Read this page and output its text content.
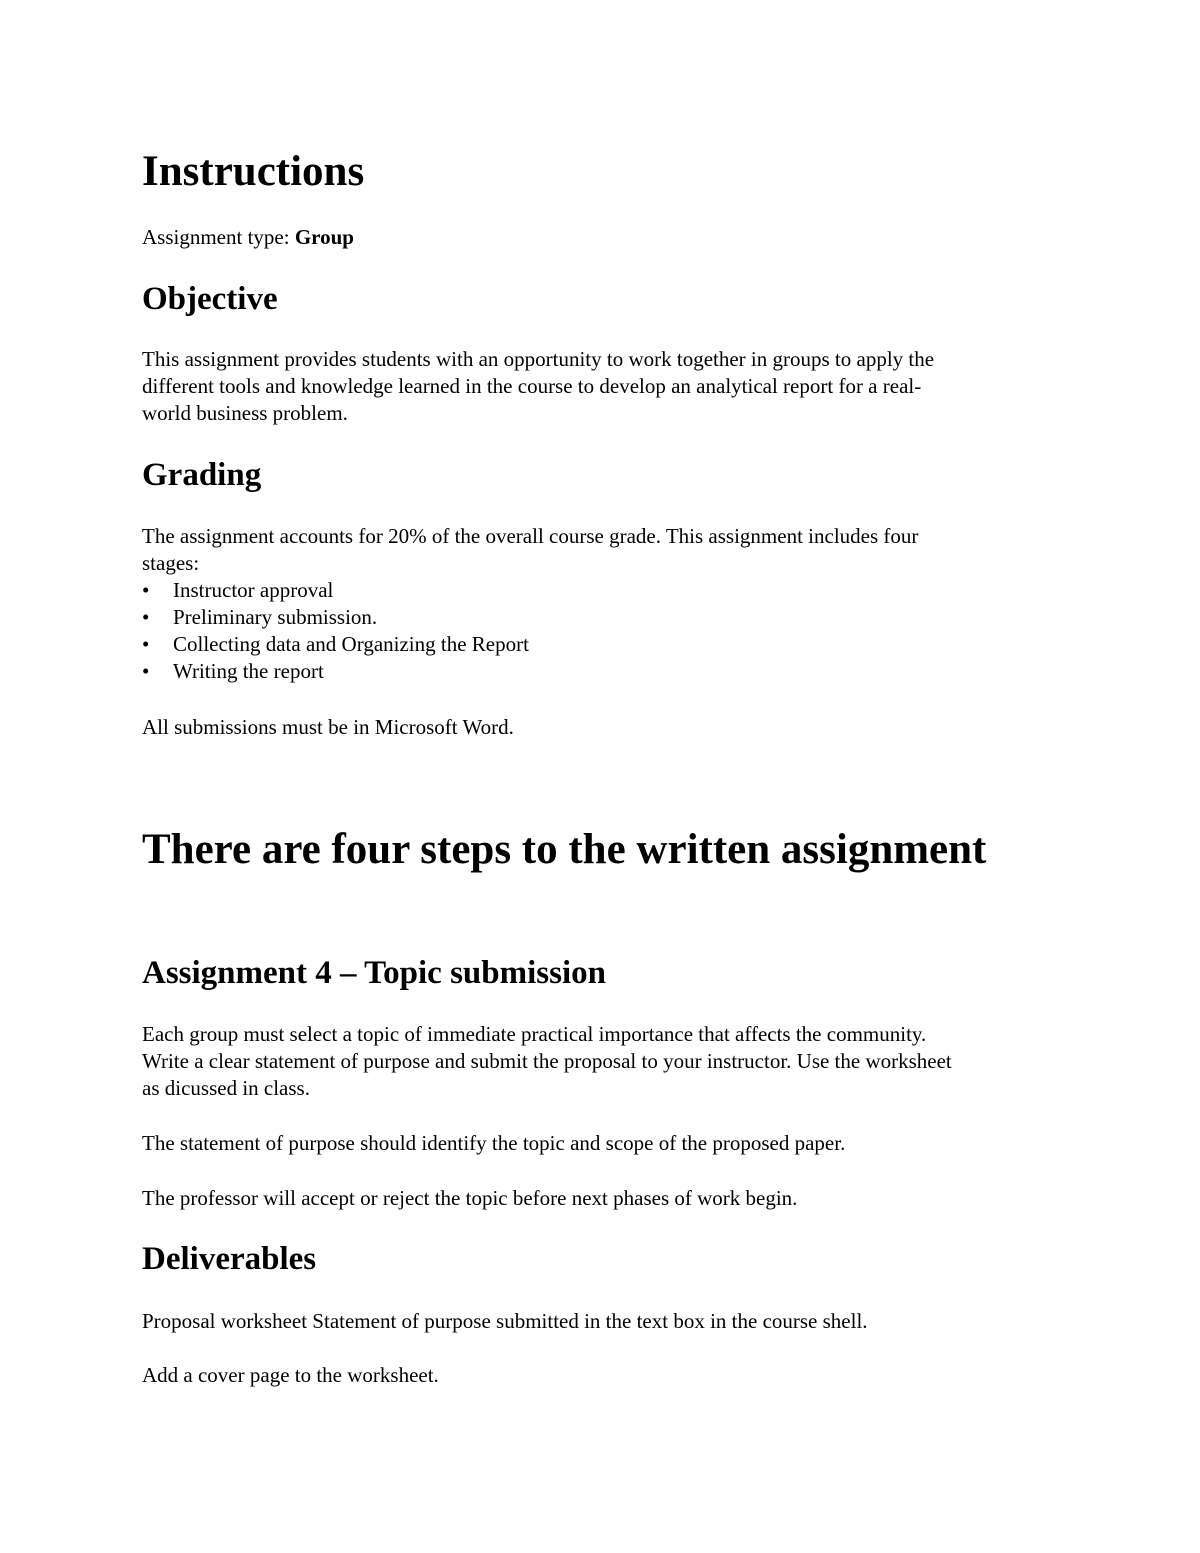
Instructions
Assignment type: Group
Objective
This assignment provides students with an opportunity to work together in groups to apply the
different tools and knowledge learned in the course to develop an analytical report for a real-
world business problem.
Grading
The assignment accounts for 20% of the overall course grade. This assignment includes four
stages:
• Instructor approval
• Preliminary submission.
• Collecting data and Organizing the Report
• Writing the report
All submissions must be in Microsoft Word.
There are four steps to the written assignment
Assignment 4 – Topic submission
Each group must select a topic of immediate practical importance that affects the community.
Write a clear statement of purpose and submit the proposal to your instructor. Use the worksheet
as dicussed in class.
The statement of purpose should identify the topic and scope of the proposed paper.
The professor will accept or reject the topic before next phases of work begin.
Deliverables
Proposal worksheet Statement of purpose submitted in the text box in the course shell.
Add a cover page to the worksheet.
